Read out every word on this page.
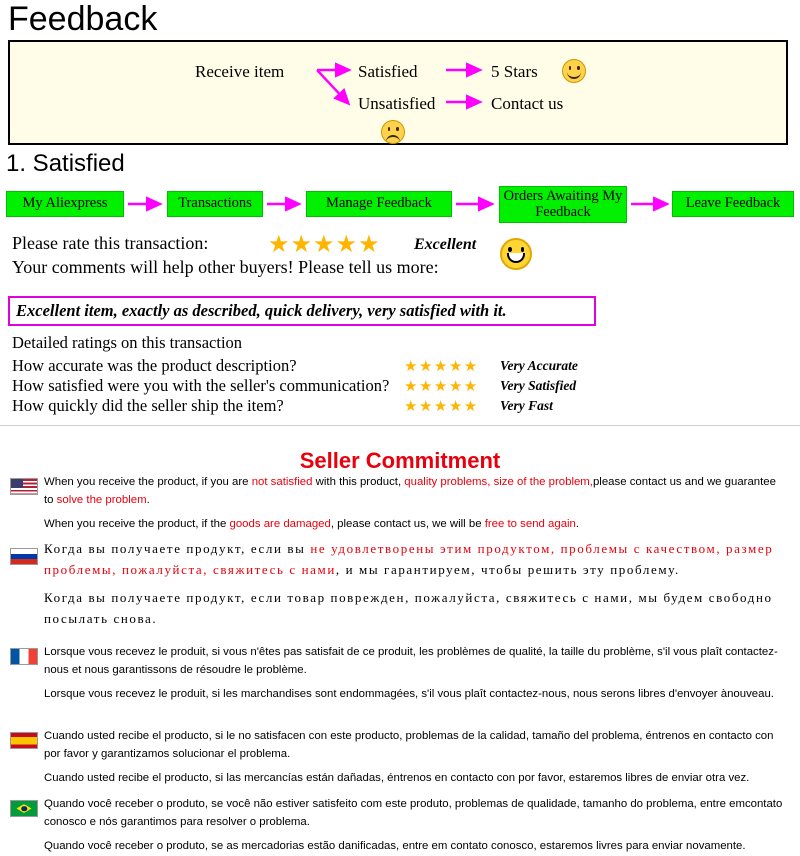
Feedback
Receive item	Satisfied
Unsatisfied
5 Stars
Contact us
1. Satisfied
My Aliexpress	Transactions	Manage Feedback	Orders Awaiting My Feedback
Leave Feedback
Please rate this transaction: ★★★★★ Excellent
Your comments will help other buyers! Please tell us more:
Excellent item, exactly as described, quick delivery, very satisfied with it.
Detailed ratings on this transaction
How accurate was the product description?	★★★★★ Very Accurate
How satisfied were you with the seller's communication? ★★★★★ Very Satisfied
How quickly did the seller ship the item?	★★★★★ Very Fast
Seller Commitment
When you receive the product, if you are not satisfied with this product, quality problems, size of the problem,please contact us and we guarantee to solve the problem.
When you receive the product, if the goods are damaged, please contact us, we will be free to send again.
Когда вы получаете продукт, если вы не удовлетворены этим продуктом, проблемы с качеством, размер проблемы, пожалуйста, свяжитесь с нами, и мы гарантируем, чтобы решить эту проблему.
Когда вы получаете продукт, если товар поврежден, пожалуйста, свяжитесь с нами, мы будем свободно посылать снова.
Lorsque vous recevez le produit, si vous n'êtes pas satisfait de ce produit, les problèmes de qualité, la taille du problème, s'il vous plaît contactez-nous et nous garantissons de résoudre le problème.
Lorsque vous recevez le produit, si les marchandises sont endommagées, s'il vous plaît contactez-nous, nous serons libres d'envoyer ànouveau.
Cuando usted recibe el producto, si le no satisfacen con este producto, problemas de la calidad, tamaño del problema, éntrenos en contacto con por favor y garantizamos solucionar el problema.
Cuando usted recibe el producto, si las mercancías están dañadas, éntrenos en contacto con por favor, estaremos libres de enviar otra vez.
Quando você receber o produto, se você não estiver satisfeito com este produto, problemas de qualidade, tamanho do problema, entre emcontato conosco e nós garantimos para resolver o problema.
Quando você receber o produto, se as mercadorias estão danificadas, entre em contato conosco, estaremos livres para enviar novamente.
